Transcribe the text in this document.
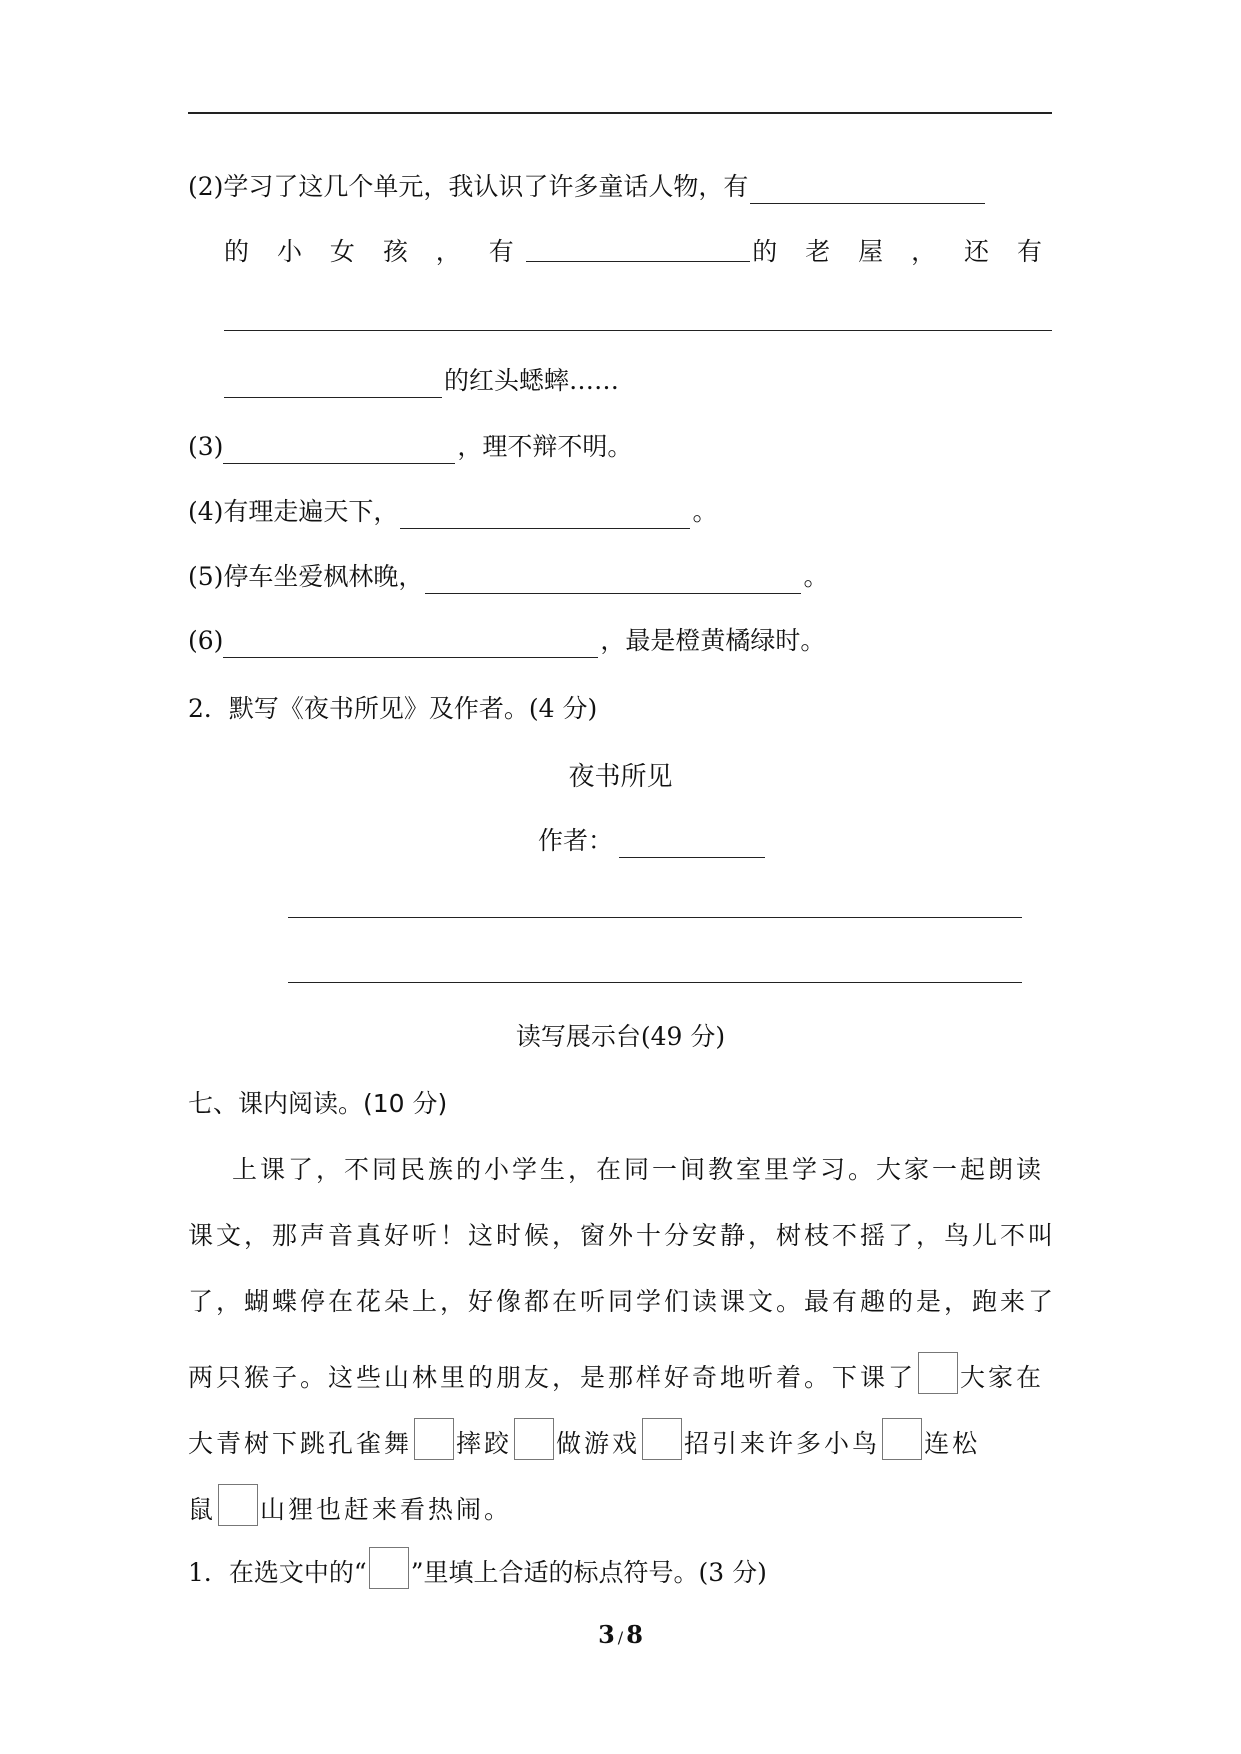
(2)学习了这几个单元，我认识了许多童话人物，有
的 小 女 孩 ， 有	的 老 屋 ， 还 有
的红头蟋蟀……
(3)	，理不辩不明。
(4)有理走遍天下，	。
(5)停车坐爱枫林晚，	。
(6)	，最是橙黄橘绿时。
2．默写《夜书所见》及作者。(4 分)
夜书所见
作者：
读写展示台(49 分)
七、课内阅读。(10 分)
上课了，不同民族的小学生，在同一间教室里学习。大家一起朗读
课文，那声音真好听！这时候，窗外十分安静，树枝不摇了，鸟儿不叫
了，蝴蝶停在花朵上，好像都在听同学们读课文。最有趣的是，跑来了
两只猴子。这些山林里的朋友，是那样好奇地听着。下课了 大家在
大青树下跳孔雀舞 摔跤 做游戏 招引来许多小鸟 连松
鼠 山狸也赶来看热闹。
1．在选文中的“ ”里填上合适的标点符号。(3 分)
3 / 8
